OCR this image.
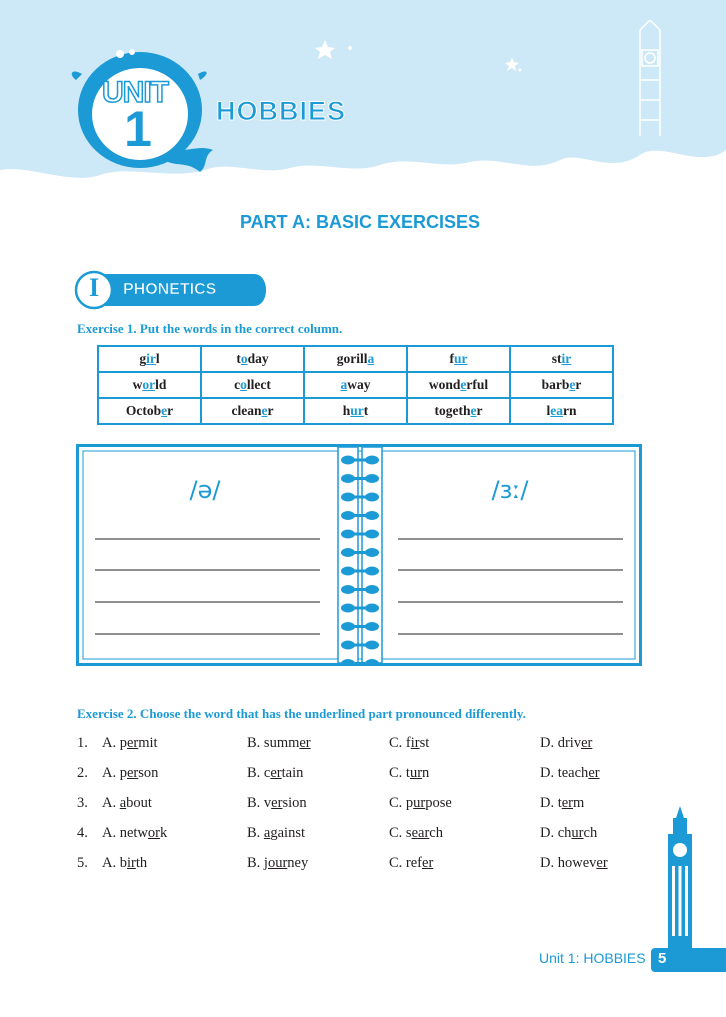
UNIT
1	HOBBIES
PART A: BASIC EXERCISES
I	PHONETICS
Exercise 1. Put the words in the correct column.
girl	today	gorilla	fur	stir
world	collect	away	wonderful	barber
October	cleaner	hurt	together	learn
/ə/	/ɜː/
Exercise 2. Choose the word that has the underlined part pronounced differently.
1. A. permit	B. summer	C. first	D. driver
2. A. person	B. certain	C. turn	D. teacher
3. A. about	B. version	C. purpose	D. term
4. A. network	B. against	C. search	D. church
5. A. birth	B. journey	C. refer	D. however
Unit 1: HOBBIES 5
